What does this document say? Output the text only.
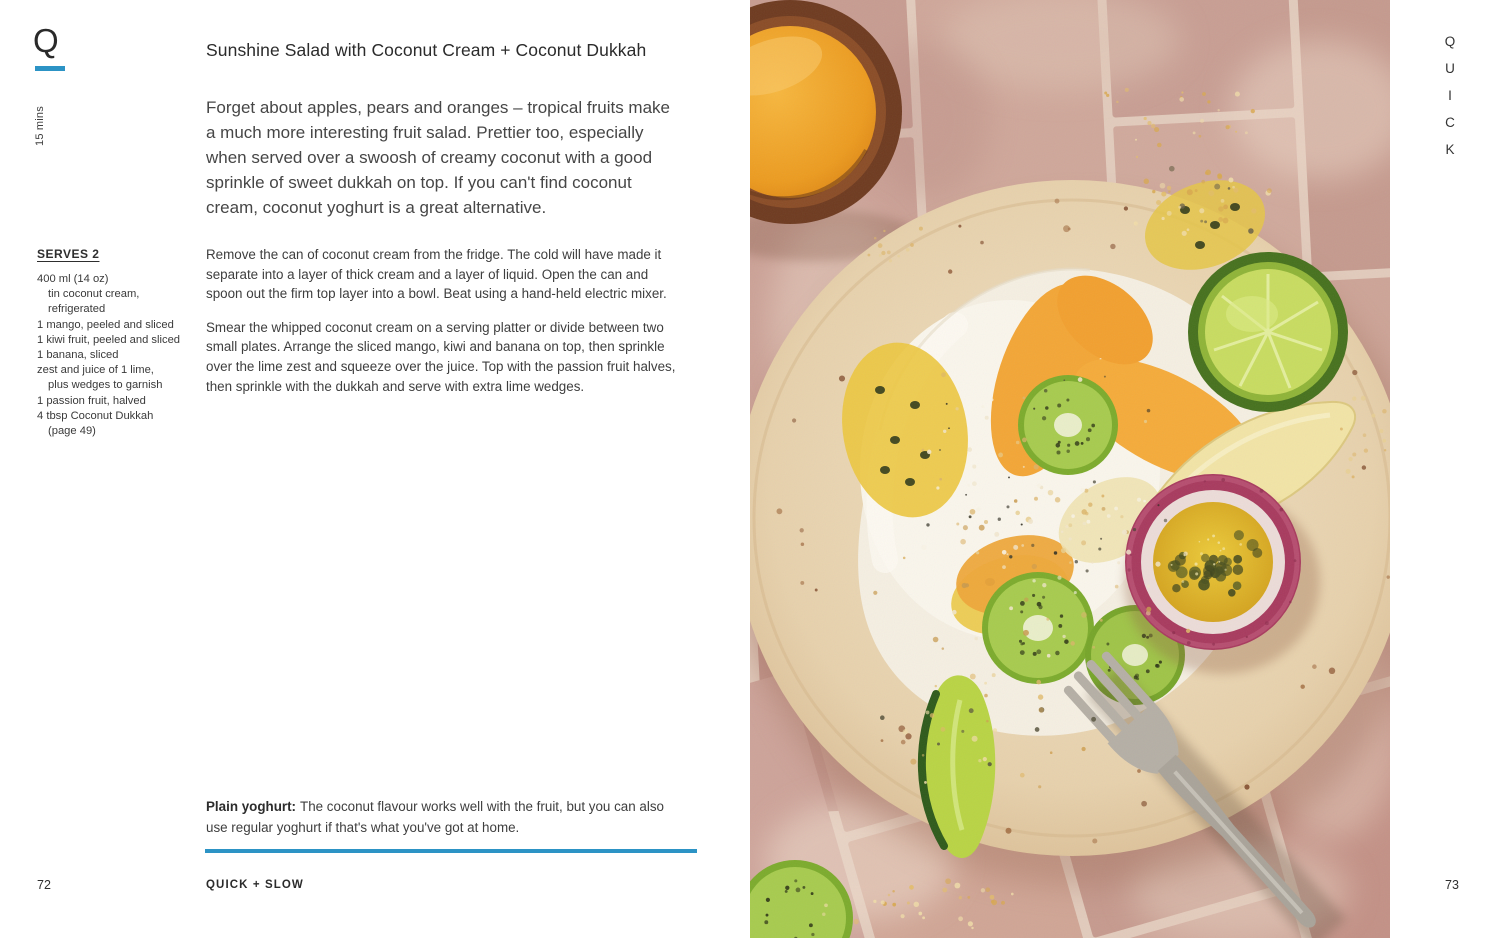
Q
15 mins
Sunshine Salad with Coconut Cream + Coconut Dukkah
Forget about apples, pears and oranges – tropical fruits make a much more interesting fruit salad. Prettier too, especially when served over a swoosh of creamy coconut with a good sprinkle of sweet dukkah on top. If you can't find coconut cream, coconut yoghurt is a great alternative.
SERVES 2
400 ml (14 oz)
tin coconut cream,
refrigerated
1 mango, peeled and sliced
1 kiwi fruit, peeled and sliced
1 banana, sliced
zest and juice of 1 lime,
plus wedges to garnish
1 passion fruit, halved
4 tbsp Coconut Dukkah
(page 49)

Remove the can of coconut cream from the fridge. The cold will have made it separate into a layer of thick cream and a layer of liquid. Open the can and spoon out the firm top layer into a bowl. Beat using a hand-held electric mixer.

Smear the whipped coconut cream on a serving platter or divide between two small plates. Arrange the sliced mango, kiwi and banana on top, then sprinkle over the lime zest and squeeze over the juice. Top with the passion fruit halves, then sprinkle with the dukkah and serve with extra lime wedges.

Plain yoghurt: The coconut flavour works well with the fruit, but you can also use regular yoghurt if that's what you've got at home.
72	QUICK + SLOW
Q
U
I
C
K
73
